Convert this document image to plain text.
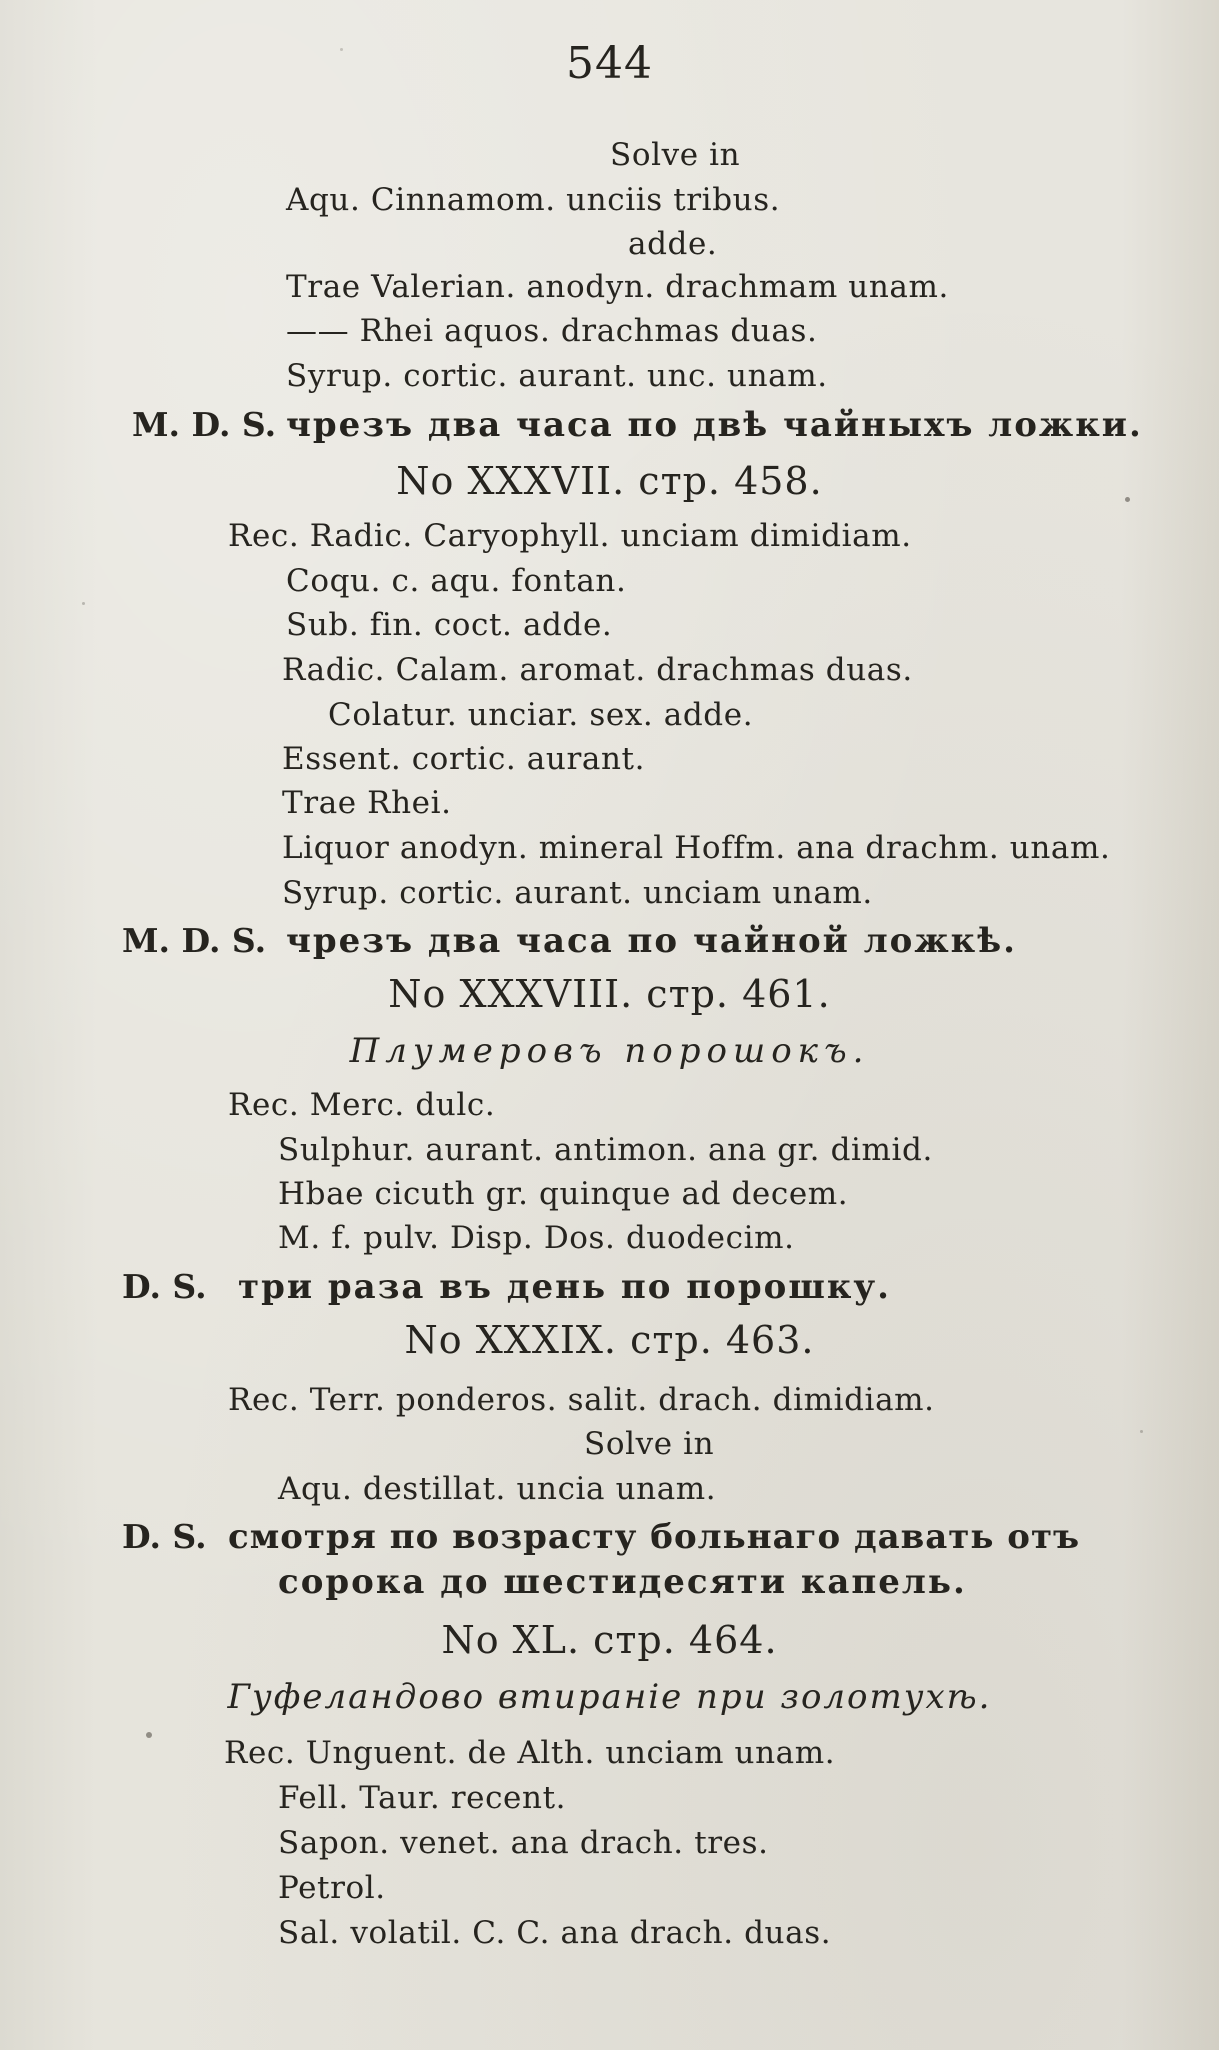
544
Solve in
Aqu. Cinnamom. unciis tribus.
adde.
Trae Valerian. anodyn. drachmam unam.
—— Rhei aquos. drachmas duas.
Syrup. cortic. aurant. unc. unam.
M. D. S. чрезъ два часа по двѣ чайныхъ ложки.
No XXXVII. стр. 458.
Rec. Radic. Caryophyll. unciam dimidiam.
Coqu. c. aqu. fontan.
Sub. fin. coct. adde.
Radic. Calam. aromat. drachmas duas.
Colatur. unciar. sex. adde.
Essent. cortic. aurant.
Trae Rhei.
Liquor anodyn. mineral Hoffm. ana drachm. unam.
Syrup. cortic. aurant. unciam unam.
M. D. S. чрезъ два часа по чайной ложкѣ.
No XXXVIII. стр. 461.
Плумеровъ порошокъ.
Rec. Merc. dulc.
Sulphur. aurant. antimon. ana gr. dimid.
Hbae cicuth gr. quinque ad decem.
M. f. pulv. Disp. Dos. duodecim.
D. S. три раза въ день по порошку.
No XXXIX. стр. 463.
Rec. Terr. ponderos. salit. drach. dimidiam.
Solve in
Aqu. destillat. uncia unam.
D. S. смотря по возрасту больнаго давать отъ
сорока до шестидесяти капель.
No XL. стр. 464.
Гуфеландово втираніе при золотухѣ.
Rec. Unguent. de Alth. unciam unam.
Fell. Taur. recent.
Sapon. venet. ana drach. tres.
Petrol.
Sal. volatil. C. C. ana drach. duas.
